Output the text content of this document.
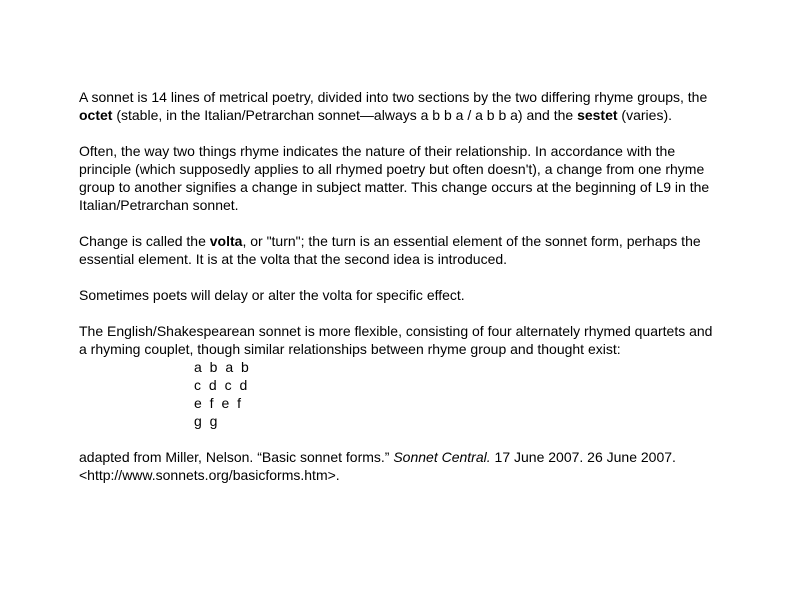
A sonnet is 14 lines of metrical poetry, divided into two sections by the two differing rhyme groups, the octet (stable, in the Italian/Petrarchan sonnet—always a b b a / a b b a) and the sestet (varies).

Often, the way two things rhyme indicates the nature of their relationship. In accordance with the principle (which supposedly applies to all rhymed poetry but often doesn't), a change from one rhyme group to another signifies a change in subject matter. This change occurs at the beginning of L9 in the Italian/Petrarchan sonnet.

Change is called the volta, or "turn"; the turn is an essential element of the sonnet form, perhaps the essential element. It is at the volta that the second idea is introduced.

Sometimes poets will delay or alter the volta for specific effect.

The English/Shakespearean sonnet is more flexible, consisting of four alternately rhymed quartets and a rhyming couplet, though similar relationships between rhyme group and thought exist:

a b a b
c d c d
e f e f
g g

adapted from Miller, Nelson. “Basic sonnet forms.” Sonnet Central. 17 June 2007. 26 June 2007. <http://www.sonnets.org/basicforms.htm>.
